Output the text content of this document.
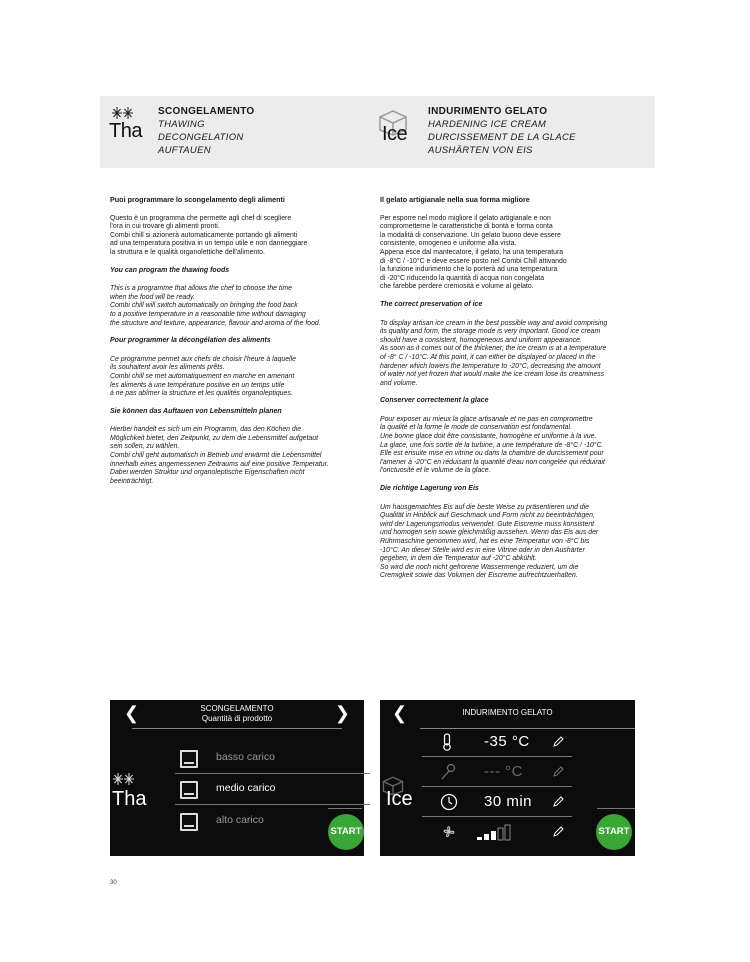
Tha
SCONGELAMENTO
THAWING
DECONGELATION
AUFTAUEN
Ice
INDURIMENTO GELATO
HARDENING ICE CREAM
DURCISSEMENT DE LA GLACE
AUSHÄRTEN VON EIS
Puoi programmare lo scongelamento degli alimenti

Questo è un programma che permette agli chef di scegliere
l'ora in cui trovare gli alimenti pronti.
Combi chill si azionerà automaticamente portando gli alimenti
ad una temperatura positiva in un tempo utile e non danneggiare
la struttura e le qualità organolettiche dell'alimento.

You can program the thawing foods

This is a programme that allows the chef to choose the time
when the food will be ready.
Combi chill will switch automatically on bringing the food back
to a positive temperature in a reasonable time without damaging
the structure and texture, appearance, flavour and aroma of the food.

Pour programmer la décongélation des aliments

Ce programme permet aux chefs de choisir l'heure à laquelle
ils souhaitent avoir les aliments prêts.
Combi chill se met automatiquement en marche en amenant
les aliments à une température positive en un temps utile
à ne pas abîmer la structure et les qualités organoleptiques.

Sie können das Auftauen von Lebensmitteln planen

Hierbei handelt es sich um ein Programm, das den Köchen die
Möglichkeit bietet, den Zeitpunkt, zu dem die Lebensmittel aufgetaut
sein sollen, zu wählen.
Combi chill geht automatisch in Betrieb und erwärmt die Lebensmittel
innerhalb eines angemessenen Zeitraums auf eine positive Temperatur.
Dabei werden Struktur und organoleptische Eigenschaften nicht
beeinträchtigt.

Il gelato artigianale nella sua forma migliore

Per esporre nel modo migliore il gelato artigianale e non
comprometterne le caratteristiche di bontà e forma conta
la modalità di conservazione. Un gelato buono deve essere
consistente, omogeneo e uniforme alla vista.
Appena esce dal mantecatore, il gelato, ha una temperatura
di -8°C / -10°C e deve essere posto nel Combi Chill attivando
la funzione indurimento che lo porterà ad una temperatura
di -20°C riducendo la quantità di acqua non congelata
che farebbe perdere cremosità e volume al gelato.

The correct preservation of ice

To display artisan ice cream in the best possible way and avoid comprising
its quality and form, the storage mode is very important. Good ice cream
should have a consistent, homogeneous and uniform appearance.
As soon as it comes out of the thickener, the ice cream is at a temperature
of -8° C / -10°C. At this point, it can either be displayed or placed in the
hardener which lowers the temperature to -20°C, decreasing the amount
of water not yet frozen that would make the ice cream lose its creaminess
and volume.

Conserver correctement la glace

Pour exposer au mieux la glace artisanale et ne pas en compromettre
la qualité et la forme le mode de conservation est fondamental.
Une bonne glace doit être consistante, homogène et uniforme à la vue.
La glace, une fois sortie de la turbine, a une température de -8°C / -10°C.
Elle est ensuite mise en vitrine ou dans la chambre de durcissement pour
l'amener à -20°C en réduisant la quantité d'eau non congelée qui réduirait
l'onctuosité et le volume de la glace.

Die richtige Lagerung von Eis

Um hausgemachtes Eis auf die beste Weise zu präsentieren und die
Qualität in Hinblick auf Geschmack und Form nicht zu beeinträchtigen,
wird der Lagerungsmodus verwendet. Gute Eiscreme muss konsistent
und homogen sein sowie gleichmäßig aussehen. Wenn das Eis aus der
Rührmaschine genommen wird, hat es eine Temperatur von -8°C bis
-10°C. An dieser Stelle wird es in eine Vitrine oder in den Aushärter
gegeben, in dem die Temperatur auf -20°C abkühlt.
So wird die noch nicht gefrorene Wassermenge reduziert, um die
Cremigkeit sowie das Volumen der Eiscreme aufrechtzuerhalten.

❮	SCONGELAMENTO
Quantità di prodotto	❯
Tha
basso carico
medio carico
alto carico
START
❮	INDURIMENTO GELATO
Ice
-35 °C
--- °C
30 min
START
30
